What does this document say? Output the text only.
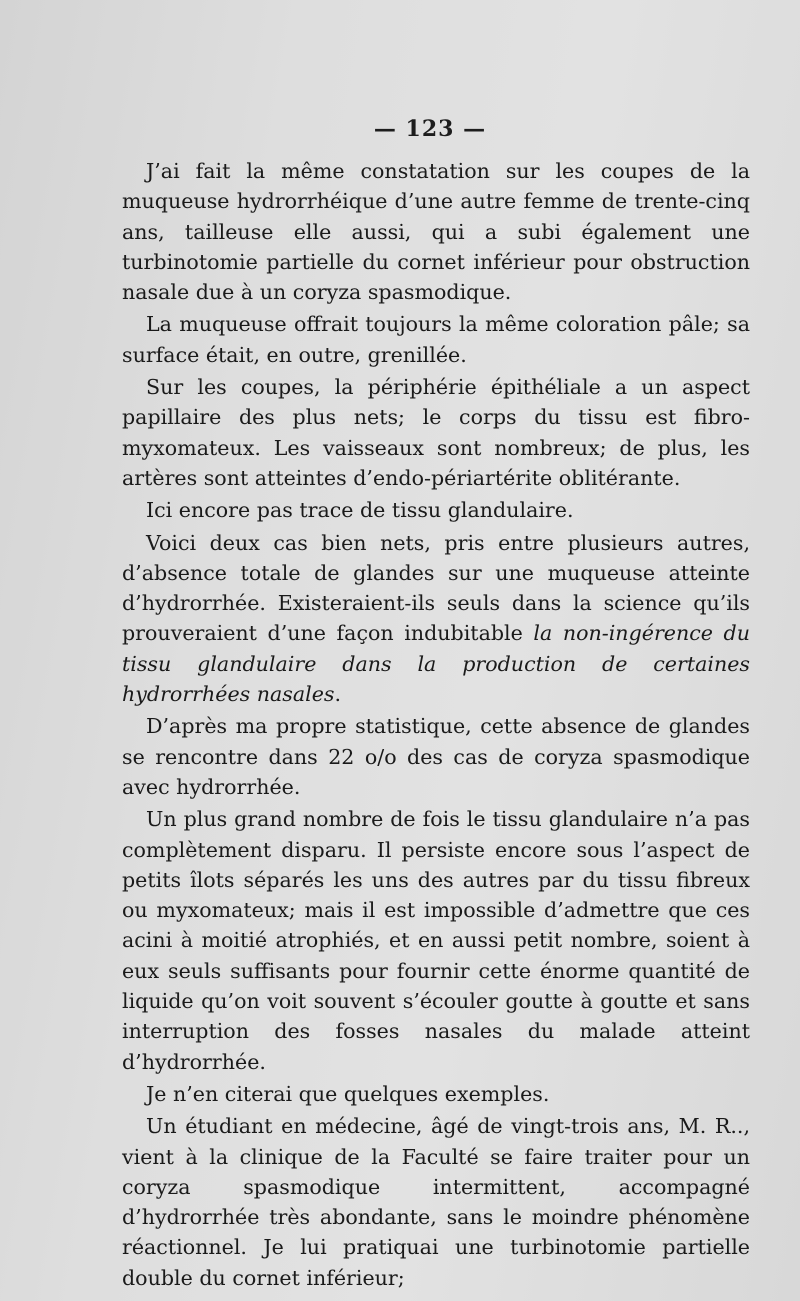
— 123 —

J’ai fait la même constatation sur les coupes de la muqueuse hydrorrhéique d’une autre femme de trente-cinq ans, tailleuse elle aussi, qui a subi également une turbinotomie partielle du cornet inférieur pour obstruction nasale due à un coryza spasmodique.

La muqueuse offrait toujours la même coloration pâle; sa surface était, en outre, grenillée.

Sur les coupes, la périphérie épithéliale a un aspect papillaire des plus nets; le corps du tissu est fibro-myxomateux. Les vaisseaux sont nombreux; de plus, les artères sont atteintes d’endo-périartérite oblitérante.

Ici encore pas trace de tissu glandulaire.

Voici deux cas bien nets, pris entre plusieurs autres, d’absence totale de glandes sur une muqueuse atteinte d’hydrorrhée. Existeraient-ils seuls dans la science qu’ils prouveraient d’une façon indubitable la non-ingérence du tissu glandulaire dans la production de certaines hydrorrhées nasales.

D’après ma propre statistique, cette absence de glandes se rencontre dans 22 o/o des cas de coryza spasmodique avec hydrorrhée.

Un plus grand nombre de fois le tissu glandulaire n’a pas complètement disparu. Il persiste encore sous l’aspect de petits îlots séparés les uns des autres par du tissu fibreux ou myxomateux; mais il est impossible d’admettre que ces acini à moitié atrophiés, et en aussi petit nombre, soient à eux seuls suffisants pour fournir cette énorme quantité de liquide qu’on voit souvent s’écouler goutte à goutte et sans interruption des fosses nasales du malade atteint d’hydrorrhée.

Je n’en citerai que quelques exemples.

Un étudiant en médecine, âgé de vingt-trois ans, M. R.., vient à la clinique de la Faculté se faire traiter pour un coryza spasmodique intermittent, accompagné d’hydrorrhée très abondante, sans le moindre phénomène réactionnel. Je lui pratiquai une turbinotomie partielle double du cornet inférieur;
